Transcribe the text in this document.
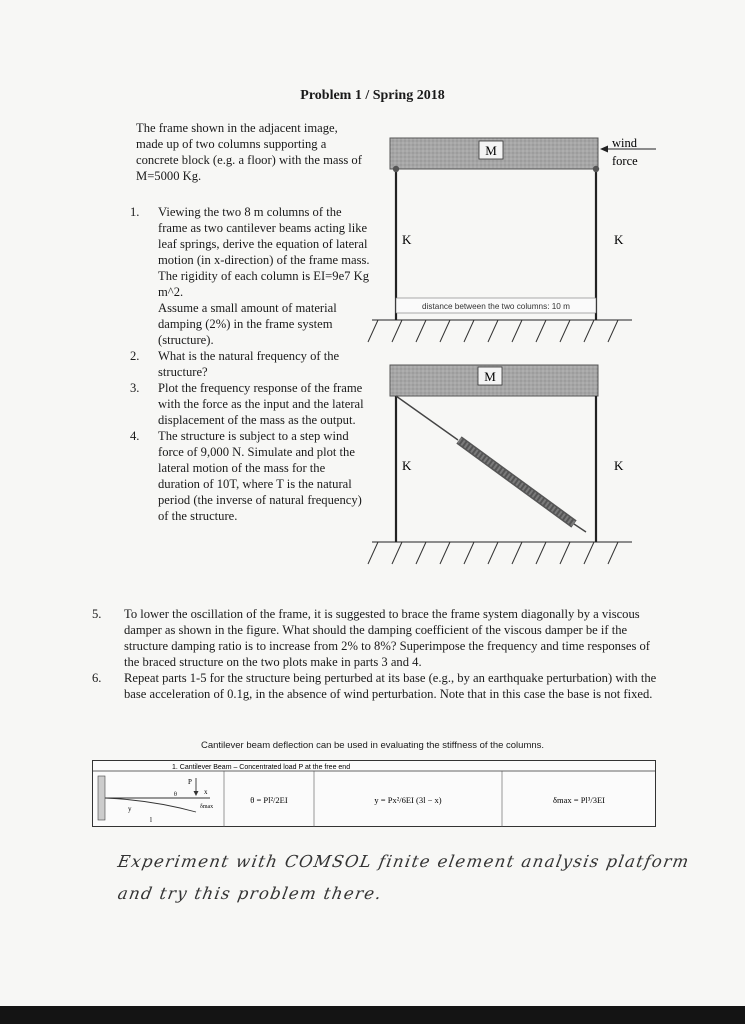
Problem 1 / Spring 2018
The frame shown in the adjacent image, made up of two columns supporting a concrete block (e.g. a floor) with the mass of M=5000 Kg.
1. Viewing the two 8 m columns of the frame as two cantilever beams acting like leaf springs, derive the equation of lateral motion (in x-direction) of the frame mass. The rigidity of each column is EI=9e7 Kg m^2.
Assume a small amount of material damping (2%) in the frame system (structure).
2. What is the natural frequency of the structure?
3. Plot the frequency response of the frame with the force as the input and the lateral displacement of the mass as the output.
4. The structure is subject to a step wind force of 9,000 N. Simulate and plot the lateral motion of the mass for the duration of 10T, where T is the natural period (the inverse of natural frequency) of the structure.
M	wind
force
K	K
distance between the two columns: 10 m
M
K	K
5. To lower the oscillation of the frame, it is suggested to brace the frame system diagonally by a viscous damper as shown in the figure. What should the damping coefficient of the viscous damper be if the structure damping ratio is to increase from 2% to 8%? Superimpose the frequency and time responses of the braced structure on the two plots make in parts 3 and 4.
6. Repeat parts 1-5 for the structure being perturbed at its base (e.g., by an earthquake perturbation) with the base acceleration of 0.1g, in the absence of wind perturbation. Note that in this case the base is not fixed.
Cantilever beam deflection can be used in evaluating the stiffness of the columns.
1. Cantilever Beam – Concentrated load P at the free end
P
x
y
l
θ
δmax
θ = Pl²/2EI	y = Px²/6EI (3l − x)	δmax = Pl³/3EI
Experiment with COMSOL finite element analysis platform
and try this problem there.
